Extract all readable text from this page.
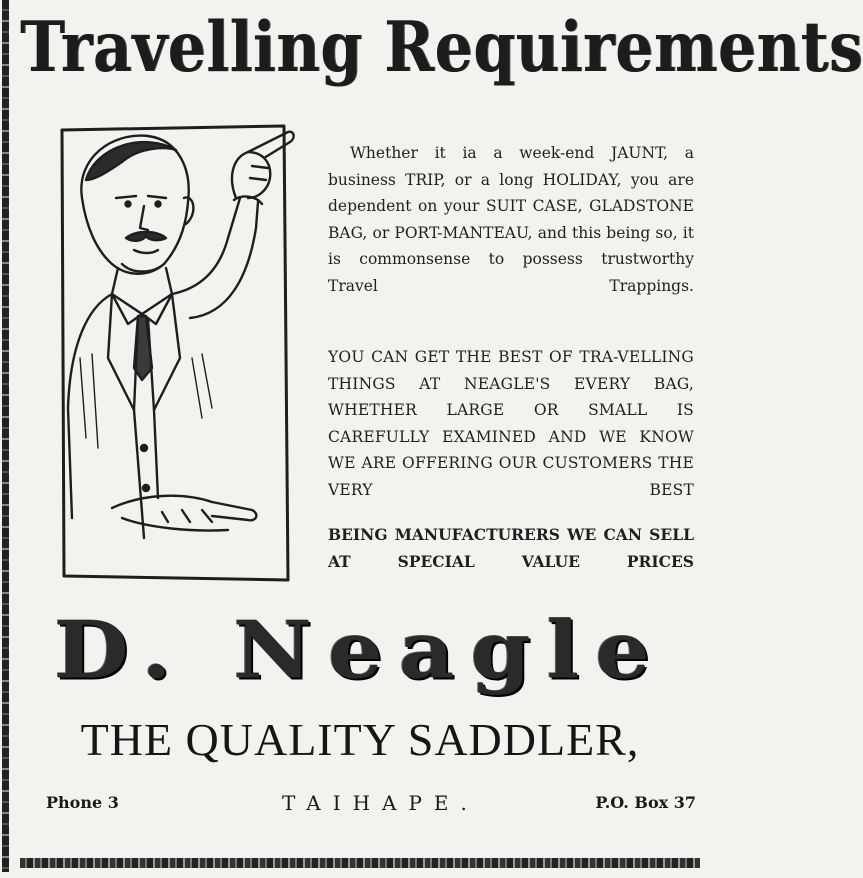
Travelling Requirements

Whether it ia a week-end JAUNT, a business TRIP, or a long HOLIDAY, you are dependent on your SUIT CASE, GLADSTONE BAG, or PORT-MANTEAU, and this being so, it is commonsense to possess trustworthy Travel Trappings.

YOU CAN GET THE BEST OF TRA-VELLING THINGS AT NEAGLE'S EVERY BAG, WHETHER LARGE OR SMALL IS CAREFULLY EXAMINED AND WE KNOW WE ARE OFFERING OUR CUSTOMERS THE VERY BEST

BEING MANUFACTURERS WE CAN SELL AT SPECIAL VALUE PRICES

D. Neagle
THE QUALITY SADDLER,
Phone 3	TAIHAPE.	P.O. Box 37
